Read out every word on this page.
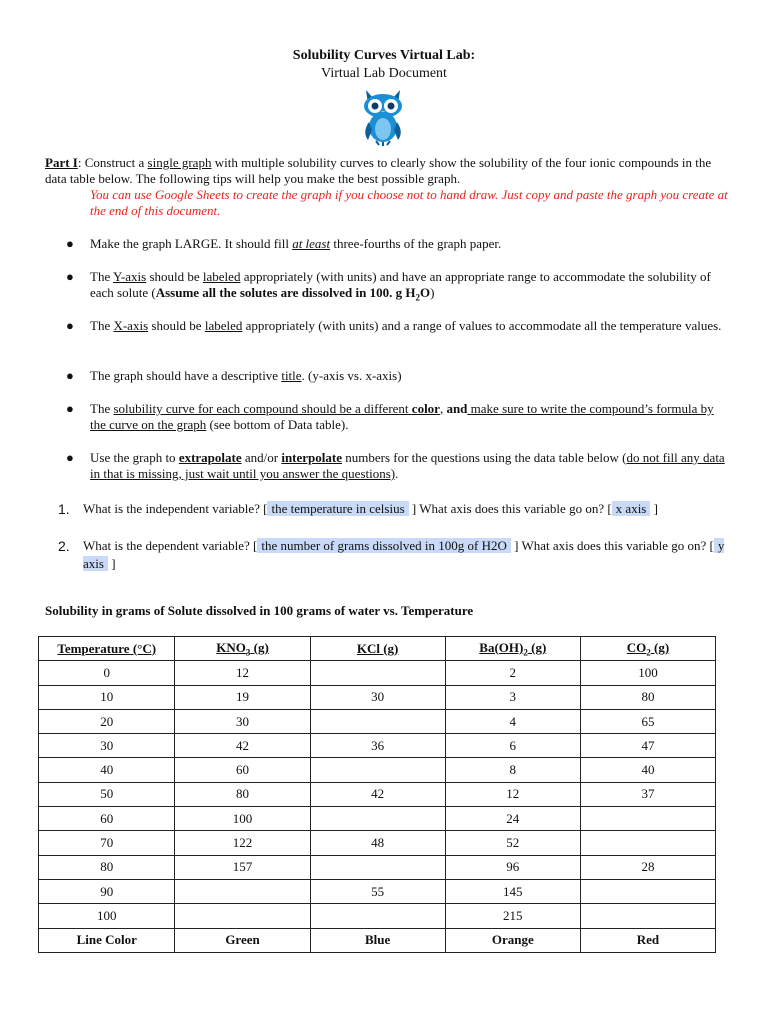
Solubility Curves Virtual Lab:
Virtual Lab Document
Part I: Construct a single graph with multiple solubility curves to clearly show the solubility of the four ionic compounds in the data table below. The following tips will help you make the best possible graph.
You can use Google Sheets to create the graph if you choose not to hand draw. Just copy and paste the graph you create at the end of this document.
● Make the graph LARGE. It should fill at least three-fourths of the graph paper.
● The Y-axis should be labeled appropriately (with units) and have an appropriate range to accommodate the solubility of each solute (Assume all the solutes are dissolved in 100. g $H_2O$)
● The X-axis should be labeled appropriately (with units) and a range of values to accommodate all the temperature values.
● The graph should have a descriptive title. (y-axis vs. x-axis)
● The solubility curve for each compound should be a different color, and make sure to write the compound’s formula by the curve on the graph (see bottom of Data table).
● Use the graph to extrapolate and/or interpolate numbers for the questions using the data table below (do not fill any data in that is missing, just wait until you answer the questions).
1. What is the independent variable? [ the temperature in celsius ] What axis does this variable go on? [ x axis ]
2. What is the dependent variable? [ the number of grams dissolved in 100g of H2O ] What axis does this variable go on? [ y axis ]
Solubility in grams of Solute dissolved in 100 grams of water vs. Temperature
Temperature (°C)	$KNO_3$ (g)	KCl (g)	$Ba(OH)_2$ (g)	$CO_2$ (g)
0	12		2	100
10	19	30	3	80
20	30		4	65
30	42	36	6	47
40	60		8	40
50	80	42	12	37
60	100		24	
70	122	48	52	
80	157		96	28
90		55	145	
100			215	
Line Color	Green	Blue	Orange	Red
